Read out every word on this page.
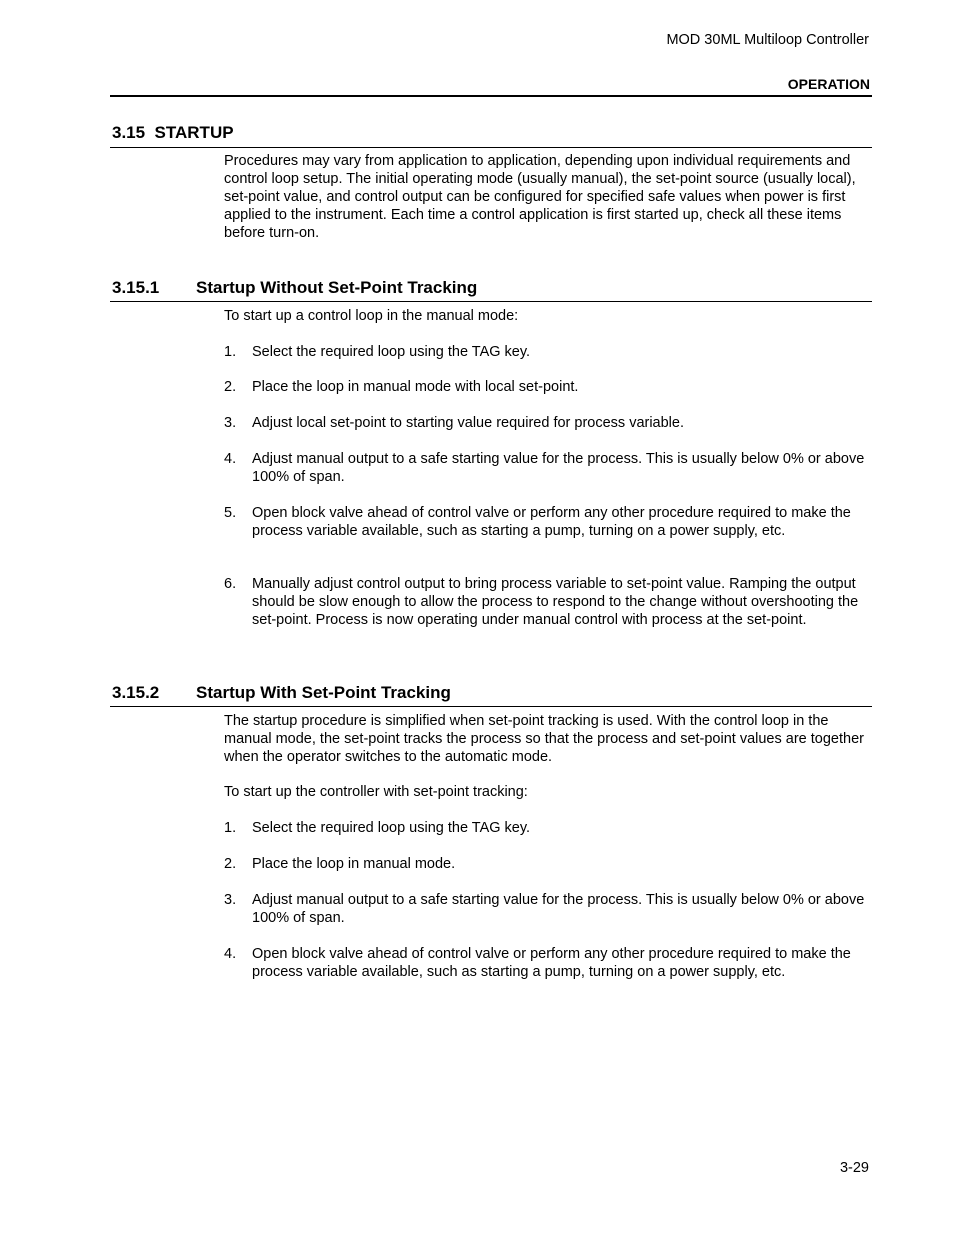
MOD 30ML Multiloop Controller
OPERATION
3.15 STARTUP
Procedures may vary from application to application, depending upon individual requirements and control loop setup. The initial operating mode (usually manual), the set-point source (usually local), set-point value, and control output can be configured for specified safe values when power is first applied to the instrument. Each time a control application is first started up, check all these items before turn-on.
3.15.1 Startup Without Set-Point Tracking
To start up a control loop in the manual mode:
1.	Select the required loop using the TAG key.
2.	Place the loop in manual mode with local set-point.
3.	Adjust local set-point to starting value required for process variable.
4.	Adjust manual output to a safe starting value for the process. This is usually below 0% or above 100% of span.
5.	Open block valve ahead of control valve or perform any other procedure required to make the process variable available, such as starting a pump, turning on a power supply, etc.
6.	Manually adjust control output to bring process variable to set-point value. Ramping the output should be slow enough to allow the process to respond to the change without overshooting the set-point. Process is now operating under manual control with process at the set-point.
3.15.2 Startup With Set-Point Tracking
The startup procedure is simplified when set-point tracking is used. With the control loop in the manual mode, the set-point tracks the process so that the process and set-point values are together when the operator switches to the automatic mode.
To start up the controller with set-point tracking:
1.	Select the required loop using the TAG key.
2.	Place the loop in manual mode.
3.	Adjust manual output to a safe starting value for the process. This is usually below 0% or above 100% of span.
4.	Open block valve ahead of control valve or perform any other procedure required to make the process variable available, such as starting a pump, turning on a power supply, etc.
3-29
